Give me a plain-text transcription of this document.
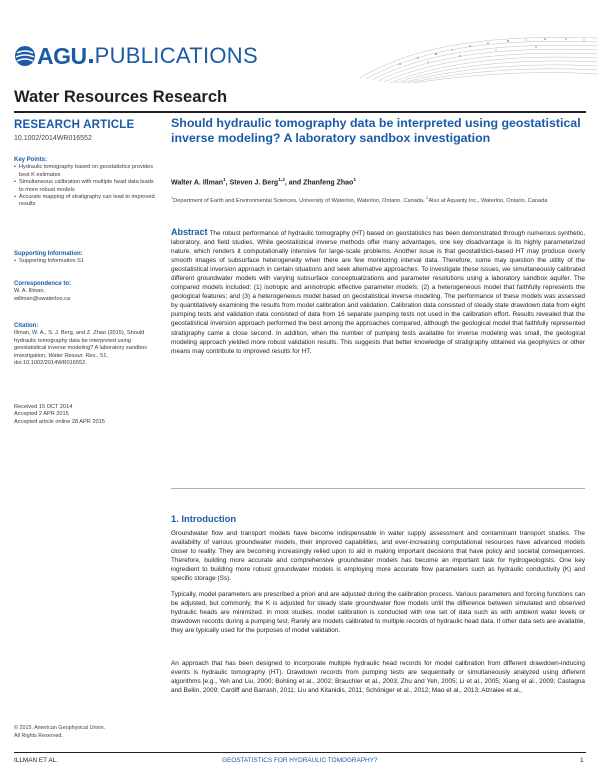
AGU PUBLICATIONS
Water Resources Research
RESEARCH ARTICLE
10.1002/2014WR016552
Key Points:
• Hydraulic tomography based on geostatistics provides best K estimates
• Simultaneous calibration with multiple head data leads to more robust models
• Accurate mapping of stratigraphy can lead to improved results
Supporting Information:
• Supporting Information S1
Correspondence to:
W. A. Illman,
willman@uwaterloo.ca
Citation:
Illman, W. A., S. J. Berg, and Z. Zhao (2015), Should hydraulic tomography data be interpreted using geostatistical inverse modeling? A laboratory sandbox investigation, Water Resour. Res., 51, doi:10.1002/2014WR016552.
Received 15 OCT 2014
Accepted 2 APR 2015
Accepted article online 28 APR 2015
© 2015. American Geophysical Union.
All Rights Reserved.
Should hydraulic tomography data be interpreted using geostatistical inverse modeling? A laboratory sandbox investigation
Walter A. Illman$^1$, Steven J. Berg$^{1,2}$, and Zhanfeng Zhao$^1$
$^1$Department of Earth and Environmental Sciences, University of Waterloo, Waterloo, Ontario, Canada, $^2$Also at Aquanty Inc., Waterloo, Ontario, Canada
Abstract The robust performance of hydraulic tomography (HT) based on geostatistics has been demonstrated through numerous synthetic, laboratory, and field studies. While geostatistical inverse methods offer many advantages, one key disadvantage is its highly parameterized nature, which renders it computationally intensive for large-scale problems. Another issue is that geostatistics-based HT may produce overly smooth images of subsurface heterogeneity when there are few monitoring interval data. Therefore, some may question the utility of the geostatistical inversion approach in certain situations and seek alternative approaches. To investigate these issues, we simultaneously calibrated different groundwater models with varying subsurface conceptualizations and parameter resolutions using a laboratory sandbox aquifer. The compared models included: (1) isotropic and anisotropic effective parameter models; (2) a heterogeneous model that faithfully represents the geological features; and (3) a heterogeneous model based on geostatistical inverse modeling. The performance of these models was assessed by quantitatively examining the results from model calibration and validation. Calibration data consisted of steady state drawdown data from eight pumping tests and validation data consisted of data from 16 separate pumping tests not used in the calibration effort. Results revealed that the geostatistical inversion approach performed the best among the approaches compared, although the geological model that faithfully represented stratigraphy came a close second. In addition, when the number of pumping tests available for inverse modeling was small, the geological modeling approach yielded more robust validation results. This suggests that better knowledge of stratigraphy obtained via geophysics or other means may contribute to improved results for HT.
1. Introduction
Groundwater flow and transport models have become indispensable in water supply assessment and contaminant transport studies. The availability of various groundwater models, their improved capabilities, and ever-increasing computational resources have advanced models closer to reality. They are becoming increasingly relied upon to aid in making important decisions that have policy and societal consequences. Therefore, building more accurate and comprehensive groundwater models has become an important task for hydrogeologists. One key ingredient to building more robust groundwater models is employing more accurate flow parameters such as hydraulic conductivity (K) and specific storage (Ss).
Typically, model parameters are prescribed a priori and are adjusted during the calibration process. Various parameters and forcing functions can be adjusted, but commonly, the K is adjusted for steady state groundwater flow models until the difference between simulated and observed hydraulic heads are minimized. In most studies, model calibration is conducted with one set of data such as with ambient water levels or drawdown records during a pumping test. Rarely are models calibrated to multiple records of hydraulic head data. If other data sets are available, they are typically used for the purposes of model validation.
An approach that has been designed to incorporate multiple hydraulic head records for model calibration from different drawdown-inducing events is hydraulic tomography (HT). Drawdown records from pumping tests are sequentially or simultaneously analyzed using different algorithms [e.g., Yeh and Liu, 2000; Bohling et al., 2002; Brauchler et al., 2003; Zhu and Yeh, 2005; Li et al., 2005; Xiang et al., 2009; Castagna and Bellin, 2009; Cardiff and Barrash, 2011; Liu and Kitanidis, 2011; Schöniger et al., 2012; Mao et al., 2013; Alzraiee et al.,
ILLMAN ET AL.	GEOSTATISTICS FOR HYDRAULIC TOMOGRAPHY?	1
